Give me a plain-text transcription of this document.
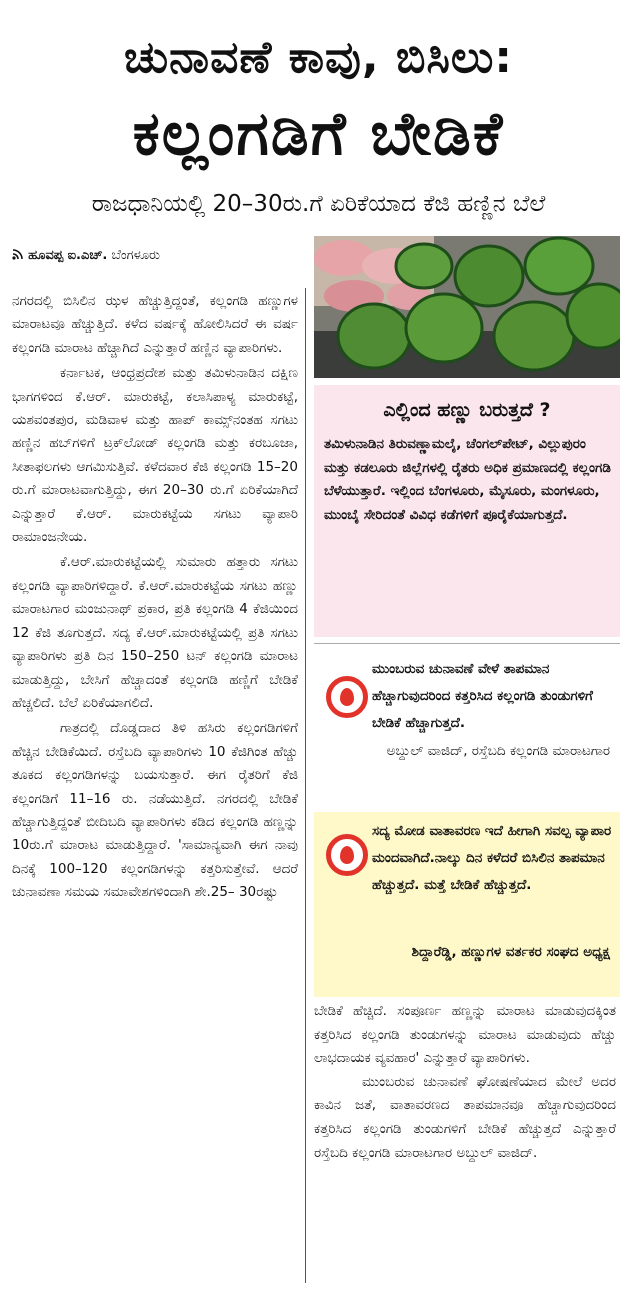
ಚುನಾವಣೆ ಕಾವು, ಬಿಸಿಲು:
ಕಲ್ಲಂಗಡಿಗೆ ಬೇಡಿಕೆ
ರಾಜಧಾನಿಯಲ್ಲಿ 20–30ರು.ಗೆ ಏರಿಕೆಯಾದ ಕೆಜಿ ಹಣ್ಣಿನ ಬೆಲೆ
ಹೂವಪ್ಪ ಐ.ಎಚ್. ಬೆಂಗಳೂರು

ನಗರದಲ್ಲಿ ಬಿಸಿಲಿನ ಝಳ ಹೆಚ್ಚುತ್ತಿದ್ದಂತೆ, ಕಲ್ಲಂಗಡಿ ಹಣ್ಣುಗಳ ಮಾರಾಟವೂ ಹೆಚ್ಚುತ್ತಿದೆ. ಕಳೆದ ವರ್ಷಕ್ಕೆ ಹೋಲಿಸಿದರೆ ಈ ವರ್ಷ ಕಲ್ಲಂಗಡಿ ಮಾರಾಟ ಹೆಚ್ಚಾಗಿದೆ ಎನ್ನುತ್ತಾರೆ ಹಣ್ಣಿನ ವ್ಯಾಪಾರಿಗಳು.

ಕರ್ನಾಟಕ, ಆಂಧ್ರಪ್ರದೇಶ ಮತ್ತು ತಮಿಳುನಾಡಿನ ದಕ್ಷಿಣ ಭಾಗಗಳಿಂದ ಕೆ.ಆರ್. ಮಾರುಕಟ್ಟೆ, ಕಲಾಸಿಪಾಳ್ಯ ಮಾರುಕಟ್ಟೆ, ಯಶವಂತಪುರ, ಮಡಿವಾಳ ಮತ್ತು ಹಾಪ್ ಕಾಮ್ಸ್‌ನಂತಹ ಸಗಟು ಹಣ್ಣಿನ ಹಬ್‌ಗಳಿಗೆ ಟ್ರಕ್‌ಲೋಡ್ ಕಲ್ಲಂಗಡಿ ಮತ್ತು ಕರಬೂಜಾ, ಸೀತಾಫಲಗಳು ಆಗಮಿಸುತ್ತಿವೆ. ಕಳೆದವಾರ ಕೆಜಿ ಕಲ್ಲಂಗಡಿ 15–20 ರು.ಗೆ ಮಾರಾಟವಾಗುತ್ತಿದ್ದು, ಈಗ 20–30 ರು.ಗೆ ಏರಿಕೆಯಾಗಿದೆ ಎನ್ನುತ್ತಾರೆ ಕೆ.ಆರ್. ಮಾರುಕಟ್ಟೆಯ ಸಗಟು ವ್ಯಾಪಾರಿ ರಾಮಾಂಜನೇಯ.

ಕೆ.ಆರ್.ಮಾರುಕಟ್ಟೆಯಲ್ಲಿ ಸುಮಾರು ಹತ್ತಾರು ಸಗಟು ಕಲ್ಲಂಗಡಿ ವ್ಯಾಪಾರಿಗಳಿದ್ದಾರೆ. ಕೆ.ಆರ್.ಮಾರುಕಟ್ಟೆಯ ಸಗಟು ಹಣ್ಣು ಮಾರಾಟಗಾರ ಮಂಜುನಾಥ್ ಪ್ರಕಾರ, ಪ್ರತಿ ಕಲ್ಲಂಗಡಿ 4 ಕೆಜಿಯಿಂದ 12 ಕೆಜಿ ತೂಗುತ್ತದೆ. ಸದ್ಯ ಕೆ.ಆರ್.ಮಾರುಕಟ್ಟೆಯಲ್ಲಿ ಪ್ರತಿ ಸಗಟು ವ್ಯಾಪಾರಿಗಳು ಪ್ರತಿ ದಿನ 150–250 ಟನ್ ಕಲ್ಲಂಗಡಿ ಮಾರಾಟ ಮಾಡುತ್ತಿದ್ದು, ಬೇಸಿಗೆ ಹೆಚ್ಚಾದಂತೆ ಕಲ್ಲಂಗಡಿ ಹಣ್ಣಿಗೆ ಬೇಡಿಕೆ ಹೆಚ್ಚಲಿದೆ. ಬೆಲೆ ಏರಿಕೆಯಾಗಲಿದೆ.

ಗಾತ್ರದಲ್ಲಿ ದೊಡ್ಡದಾದ ತಿಳಿ ಹಸಿರು ಕಲ್ಲಂಗಡಿಗಳಿಗೆ ಹೆಚ್ಚಿನ ಬೇಡಿಕೆಯಿದೆ. ರಸ್ತೆಬದಿ ವ್ಯಾಪಾರಿಗಳು 10 ಕೆಜಿಗಿಂತ ಹೆಚ್ಚು ತೂಕದ ಕಲ್ಲಂಗಡಿಗಳನ್ನು ಬಯಸುತ್ತಾರೆ. ಈಗ ರೈತರಿಗೆ ಕೆಜಿ ಕಲ್ಲಂಗಡಿಗೆ 11–16 ರು. ನಡೆಯುತ್ತಿದೆ. ನಗರದಲ್ಲಿ ಬೇಡಿಕೆ ಹೆಚ್ಚಾಗುತ್ತಿದ್ದಂತೆ ಬೀದಿಬದಿ ವ್ಯಾಪಾರಿಗಳು ಕಡಿದ ಕಲ್ಲಂಗಡಿ ಹಣ್ಣನ್ನು 10ರು.ಗೆ ಮಾರಾಟ ಮಾಡುತ್ತಿದ್ದಾರೆ. 'ಸಾಮಾನ್ಯವಾಗಿ ಈಗ ನಾವು ದಿನಕ್ಕೆ 100–120 ಕಲ್ಲಂಗಡಿಗಳನ್ನು ಕತ್ತರಿಸುತ್ತೇವೆ. ಆದರೆ ಚುನಾವಣಾ ಸಮಯ ಸಮಾವೇಶಗಳಿಂದಾಗಿ ಶೇ.25– 30ರಷ್ಟು

ಎಲ್ಲಿಂದ ಹಣ್ಣು ಬರುತ್ತದೆ ?
ತಮಿಳುನಾಡಿನ ತಿರುವಣ್ಣಾಮಲೈ, ಚೆಂಗಲ್‌ಪೇಟ್, ವಿಲ್ಲುಪುರಂ ಮತ್ತು ಕಡಲೂರು ಜಿಲ್ಲೆಗಳಲ್ಲಿ ರೈತರು ಅಧಿಕ ಪ್ರಮಾಣದಲ್ಲಿ ಕಲ್ಲಂಗಡಿ ಬೆಳೆಯುತ್ತಾರೆ. ಇಲ್ಲಿಂದ ಬೆಂಗಳೂರು, ಮೈಸೂರು, ಮಂಗಳೂರು, ಮುಂಬೈ ಸೇರಿದಂತೆ ವಿವಿಧ ಕಡೆಗಳಿಗೆ ಪೂರೈಕೆಯಾಗುತ್ತದೆ.
ಮುಂಬರುವ ಚುನಾವಣೆ ವೇಳೆ ತಾಪಮಾನ ಹೆಚ್ಚಾಗುವುದರಿಂದ ಕತ್ತರಿಸಿದ ಕಲ್ಲಂಗಡಿ ತುಂಡುಗಳಿಗೆ ಬೇಡಿಕೆ ಹೆಚ್ಚಾಗುತ್ತದೆ.
ಅಬ್ದುಲ್ ವಾಜಿದ್, ರಸ್ತೆಬದಿ ಕಲ್ಲಂಗಡಿ ಮಾರಾಟಗಾರ
ಸದ್ಯ ಮೋಡ ವಾತಾವರಣ ಇದೆ ಹೀಗಾಗಿ ಸವಲ್ಪ ವ್ಯಾಪಾರ ಮಂದವಾಗಿದೆ.ನಾಲ್ಕು ದಿನ ಕಳೆದರೆ ಬಿಸಿಲಿನ ತಾಪಮಾನ ಹೆಚ್ಚುತ್ತದೆ. ಮತ್ತೆ ಬೇಡಿಕೆ ಹೆಚ್ಚುತ್ತದೆ.
ಶಿದ್ದಾರೆಡ್ಡಿ, ಹಣ್ಣುಗಳ ವರ್ತಕರ ಸಂಘದ ಅಧ್ಯಕ್ಷ

ಬೇಡಿಕೆ ಹೆಚ್ಚಿದೆ. ಸಂಪೂರ್ಣ ಹಣ್ಣನ್ನು ಮಾರಾಟ ಮಾಡುವುದಕ್ಕಿಂತ ಕತ್ತರಿಸಿದ ಕಲ್ಲಂಗಡಿ ತುಂಡುಗಳನ್ನು ಮಾರಾಟ ಮಾಡುವುದು ಹೆಚ್ಚು ಲಾಭದಾಯಕ ವ್ಯವಹಾರ' ಎನ್ನುತ್ತಾರೆ ವ್ಯಾಪಾರಿಗಳು.

ಮುಂಬರುವ ಚುನಾವಣೆ ಘೋಷಣೆಯಾದ ಮೇಲೆ ಅದರ ಕಾವಿನ ಜತೆ, ವಾತಾವರಣದ ತಾಪಮಾನವೂ ಹೆಚ್ಚಾಗುವುದರಿಂದ ಕತ್ತರಿಸಿದ ಕಲ್ಲಂಗಡಿ ತುಂಡುಗಳಿಗೆ ಬೇಡಿಕೆ ಹೆಚ್ಚುತ್ತದೆ ಎನ್ನುತ್ತಾರೆ ರಸ್ತೆಬದಿ ಕಲ್ಲಂಗಡಿ ಮಾರಾಟಗಾರ ಅಬ್ದುಲ್ ವಾಜಿದ್.
